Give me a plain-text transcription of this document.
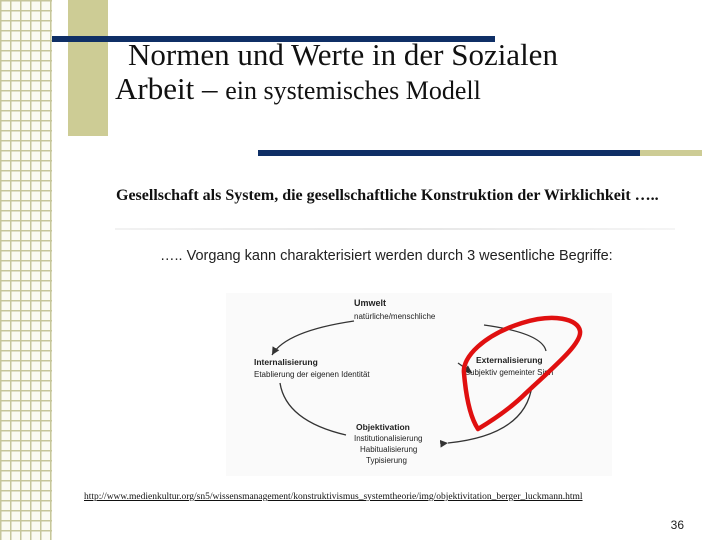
Normen und Werte in der Sozialen
Arbeit – ein systemisches Modell
Gesellschaft als System, die gesellschaftliche Konstruktion der Wirklichkeit …..
….. Vorgang kann charakterisiert werden durch 3 wesentliche Begriffe:
Umwelt
natürliche/menschliche
Internalisierung
Etablierung der eigenen Identität
Externalisierung
subjektiv gemeinter Sinn
Objektivation
Institutionalisierung
Habitualisierung
Typisierung
http://www.medienkultur.org/sn5/wissensmanagement/konstruktivismus_systemtheorie/img/objektivitation_berger_luckmann.html
36
